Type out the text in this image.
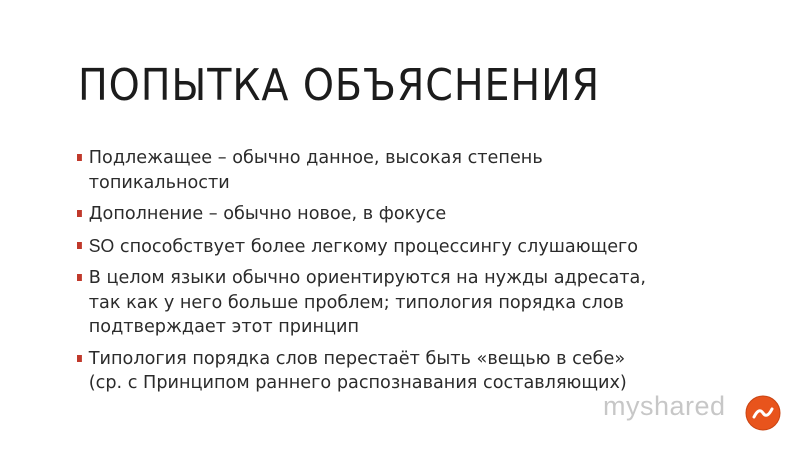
ПОПЫТКА ОБЪЯСНЕНИЯ
Подлежащее – обычно данное, высокая степень
топикальности
Дополнение – обычно новое, в фокусе
SO способствует более легкому процессингу слушающего
В целом языки обычно ориентируются на нужды адресата,
так как у него больше проблем; типология порядка слов
подтверждает этот принцип
Типология порядка слов перестаёт быть «вещью в себе»
(ср. с Принципом раннего распознавания составляющих)
myshared
